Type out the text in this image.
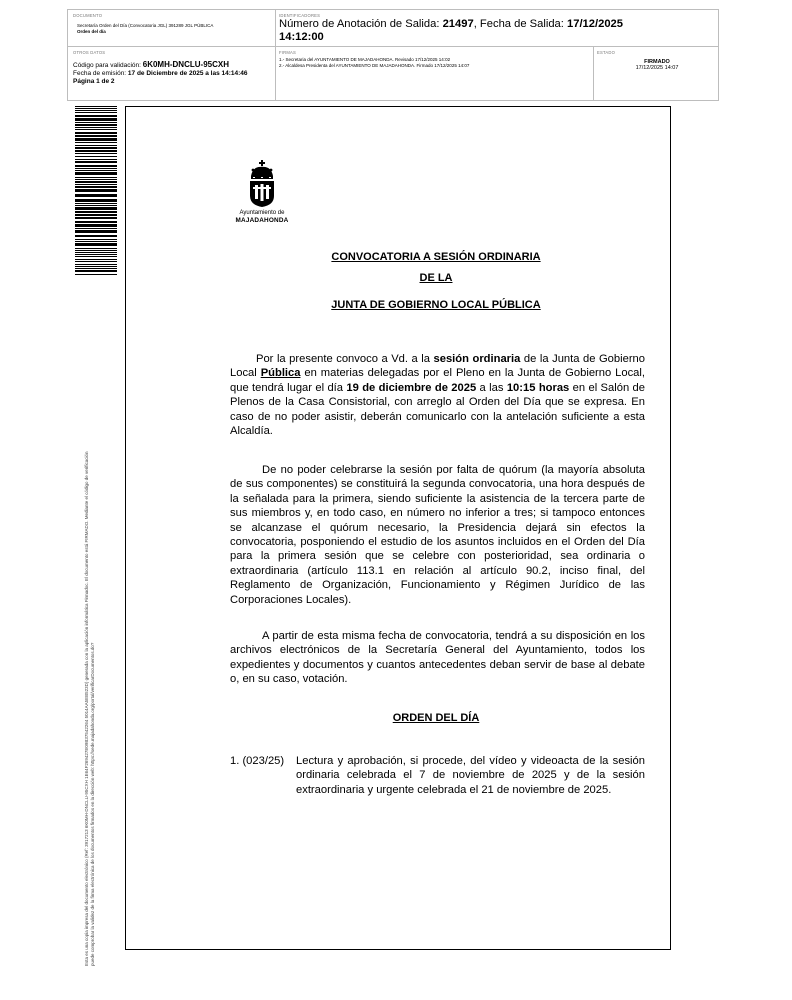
DOCUMENTO
Secretaría Orden del Día (Convocatoria JGL) 391289 JGL PÚBLICA
Orden del día
IDENTIFICADORES
Número de Anotación de Salida: 21497, Fecha de Salida: 17/12/2025
14:12:00
OTROS DATOS
Código para validación: 6K0MH-DNCLU-95CXH
Fecha de emisión: 17 de Diciembre de 2025 a las 14:14:46
Página 1 de 2
FIRMAS
1.- Secretaria del AYUNTAMIENTO DE MAJADAHONDA. Revisado 17/12/2025 14:02
2.- Alcaldesa Presidenta del AYUNTAMIENTO DE MAJADAHONDA. Firmado 17/12/2025 14:07
ESTADO
FIRMADO
17/12/2025 14:07
Esta es una copia impresa del documento electrónico (Ref: 3917213 6K0MH-DNCLU-95CXH 1E64F269427E09B37542264 5014AA5EB523D) generada con la aplicación informática Firmadoc. El documento está FIRMADO. Mediante el código de verificación puede comprobar la validez de la firma electrónica de los documentos firmados en la dirección web: https://sede.majadahonda.org/portal/verificarDocumentos.do?
Ayuntamiento de
MAJADAHONDA
CONVOCATORIA A SESIÓN ORDINARIA
DE LA
JUNTA DE GOBIERNO LOCAL PÚBLICA
Por la presente convoco a Vd. a la sesión ordinaria de la Junta de Gobierno Local Pública en materias delegadas por el Pleno en la Junta de Gobierno Local, que tendrá lugar el día 19 de diciembre de 2025 a las 10:15 horas en el Salón de Plenos de la Casa Consistorial, con arreglo al Orden del Día que se expresa. En caso de no poder asistir, deberán comunicarlo con la antelación suficiente a esta Alcaldía.
De no poder celebrarse la sesión por falta de quórum (la mayoría absoluta de sus componentes) se constituirá la segunda convocatoria, una hora después de la señalada para la primera, siendo suficiente la asistencia de la tercera parte de sus miembros y, en todo caso, en número no inferior a tres; si tampoco entonces se alcanzase el quórum necesario, la Presidencia dejará sin efectos la convocatoria, posponiendo el estudio de los asuntos incluidos en el Orden del Día para la primera sesión que se celebre con posterioridad, sea ordinaria o extraordinaria (artículo 113.1 en relación al artículo 90.2, inciso final, del Reglamento de Organización, Funcionamiento y Régimen Jurídico de las Corporaciones Locales).
A partir de esta misma fecha de convocatoria, tendrá a su disposición en los archivos electrónicos de la Secretaría General del Ayuntamiento, todos los expedientes y documentos y cuantos antecedentes deban servir de base al debate o, en su caso, votación.
ORDEN DEL DÍA
1. (023/25)	Lectura y aprobación, si procede, del vídeo y videoacta de la sesión ordinaria celebrada el 7 de noviembre de 2025 y de la sesión extraordinaria y urgente celebrada el 21 de noviembre de 2025.
